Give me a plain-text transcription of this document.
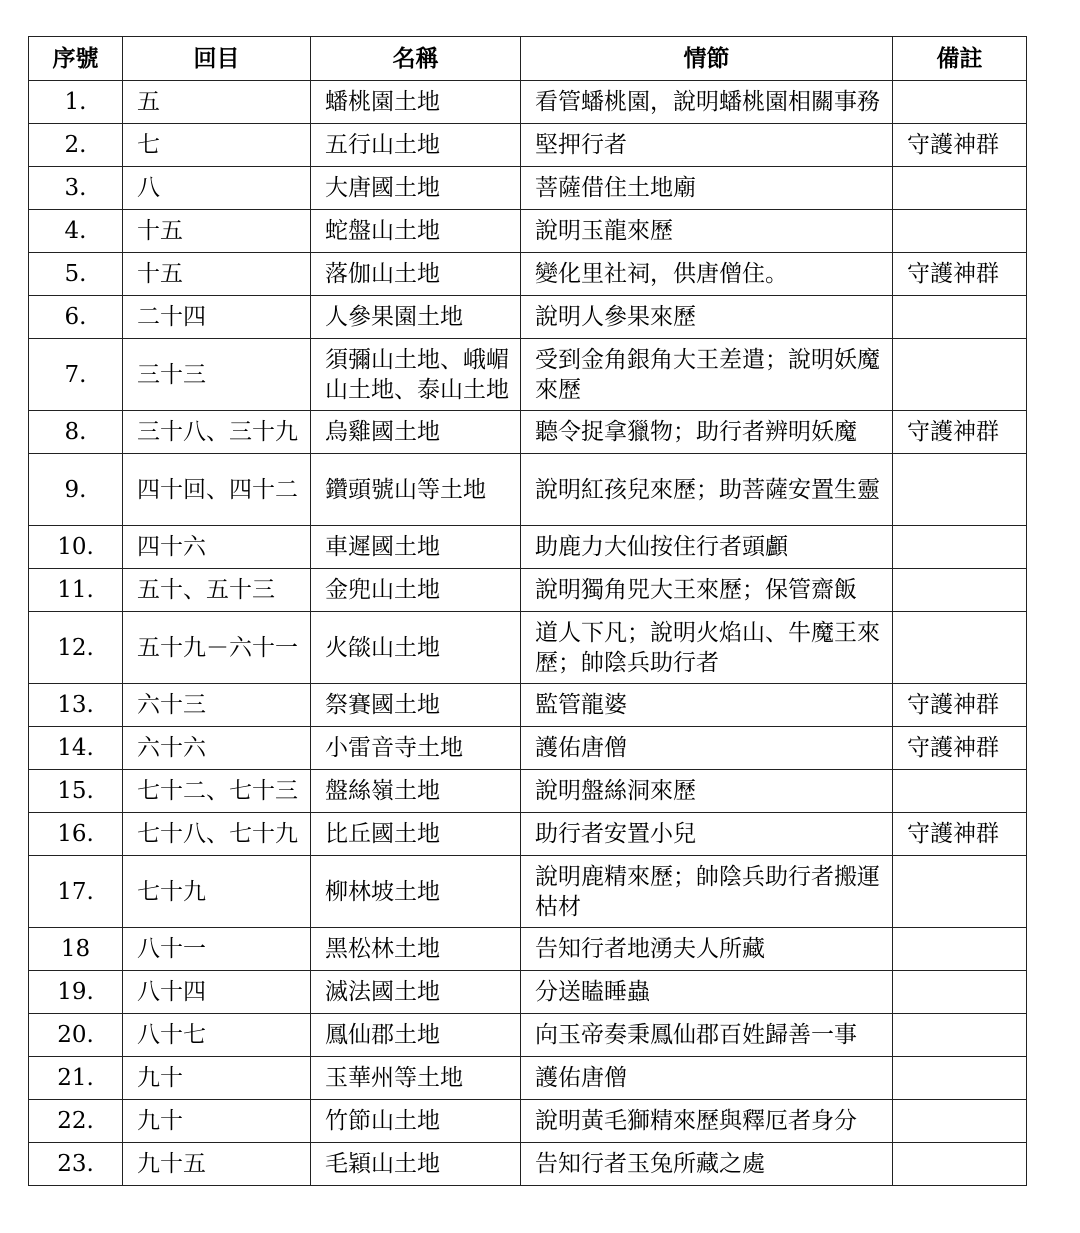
序號	回目	名稱	情節	備註
1.	五	蟠桃園土地	看管蟠桃園，說明蟠桃園相關事務	
2.	七	五行山土地	堅押行者	守護神群
3.	八	大唐國土地	菩薩借住土地廟	
4.	十五	蛇盤山土地	說明玉龍來歷	
5.	十五	落伽山土地	變化里社祠，供唐僧住。	守護神群
6.	二十四	人參果園土地	說明人參果來歷	
7.	三十三	須彌山土地、峨嵋山土地、泰山土地	受到金角銀角大王差遣；說明妖魔來歷	
8.	三十八、三十九	烏雞國土地	聽令捉拿獵物；助行者辨明妖魔	守護神群
9.	四十回、四十二	鑽頭號山等土地	說明紅孩兒來歷；助菩薩安置生靈	
10.	四十六	車遲國土地	助鹿力大仙按住行者頭顱	
11.	五十、五十三	金兜山土地	說明獨角兕大王來歷；保管齋飯	
12.	五十九－六十一	火燄山土地	道人下凡；說明火焰山、牛魔王來歷；帥陰兵助行者	
13.	六十三	祭賽國土地	監管龍婆	守護神群
14.	六十六	小雷音寺土地	護佑唐僧	守護神群
15.	七十二、七十三	盤絲嶺土地	說明盤絲洞來歷	
16.	七十八、七十九	比丘國土地	助行者安置小兒	守護神群
17.	七十九	柳林坡土地	說明鹿精來歷；帥陰兵助行者搬運枯材	
18	八十一	黑松林土地	告知行者地湧夫人所藏	
19.	八十四	滅法國土地	分送瞌睡蟲	
20.	八十七	鳳仙郡土地	向玉帝奏秉鳳仙郡百姓歸善一事	
21.	九十	玉華州等土地	護佑唐僧	
22.	九十	竹節山土地	說明黃毛獅精來歷與釋厄者身分	
23.	九十五	毛穎山土地	告知行者玉兔所藏之處	
